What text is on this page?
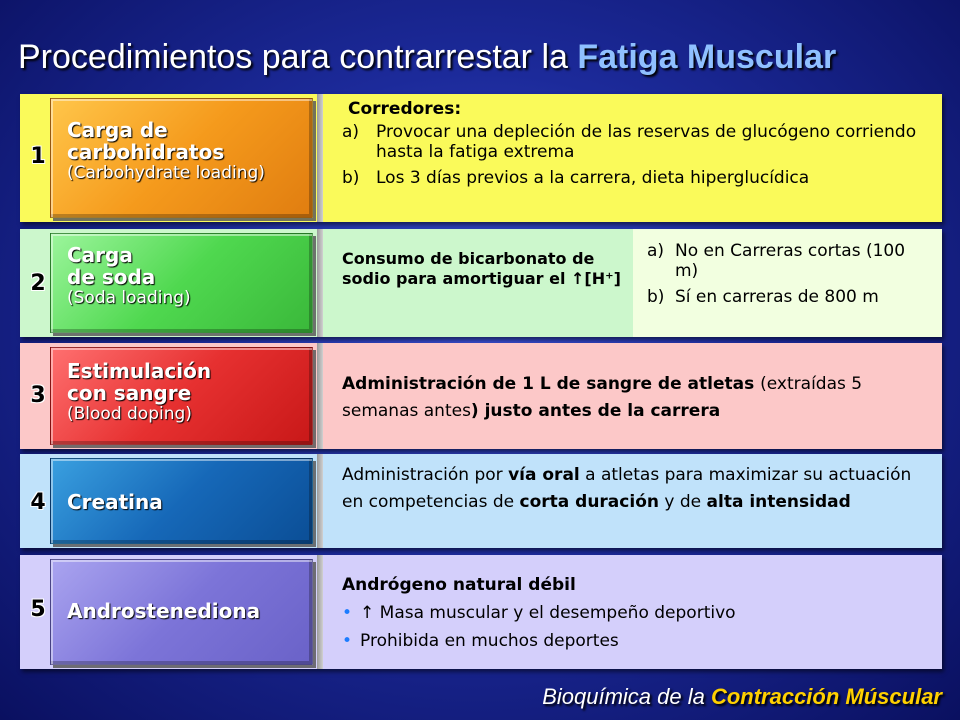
Procedimientos para contrarrestar la Fatiga Muscular
1
Carga de
carbohidratos
(Carbohydrate loading)
Corredores:
a) Provocar una depleción de las reservas de glucógeno corriendo hasta la fatiga extrema
b) Los 3 días previos a la carrera, dieta hiperglucídica
2
Carga
de soda
(Soda loading)
Consumo de bicarbonato de sodio para amortiguar el ↑[H⁺]
a) No en Carreras cortas (100 m)
b) Sí en carreras de 800 m
3
Estimulación
con sangre
(Blood doping)
Administración de 1 L de sangre de atletas (extraídas 5 semanas antes) justo antes de la carrera
4 Creatina
Administración por vía oral a atletas para maximizar su actuación en competencias de corta duración y de alta intensidad
5 Androstenediona
Andrógeno natural débil
• ↑ Masa muscular y el desempeño deportivo
• Prohibida en muchos deportes
Bioquímica de la Contracción Múscular
